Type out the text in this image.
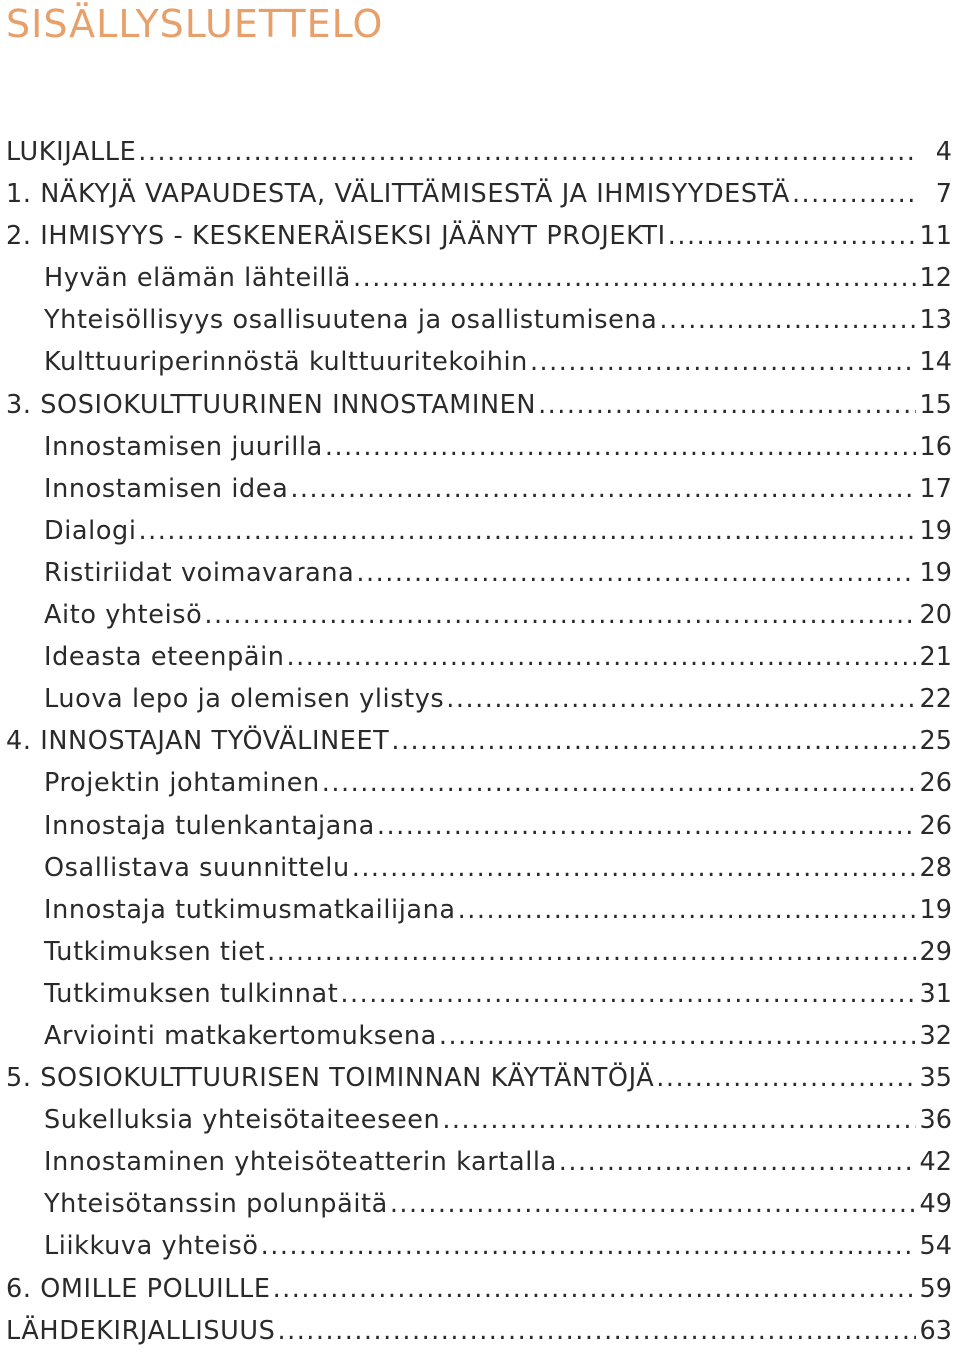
SISÄLLYSLUETTELO
LUKIJALLE .....	4
1. NÄKYJÄ VAPAUDESTA, VÄLITTÄMISESTÄ JA IHMISYYDESTÄ .....	7
2. IHMISYYS - KESKENERÄISEKSI JÄÄNYT PROJEKTI .....	11
Hyvän elämän lähteillä .....	12
Yhteisöllisyys osallisuutena ja osallistumisena .....	13
Kulttuuriperinnöstä kulttuuritekoihin .....	14
3. SOSIOKULTTUURINEN INNOSTAMINEN .....	15
Innostamisen juurilla .....	16
Innostamisen idea .....	17
Dialogi .....	19
Ristiriidat voimavarana .....	19
Aito yhteisö .....	20
Ideasta eteenpäin .....	21
Luova lepo ja olemisen ylistys .....	22
4. INNOSTAJAN TYÖVÄLINEET .....	25
Projektin johtaminen .....	26
Innostaja tulenkantajana .....	26
Osallistava suunnittelu .....	28
Innostaja tutkimusmatkailijana .....	19
Tutkimuksen tiet .....	29
Tutkimuksen tulkinnat .....	31
Arviointi matkakertomuksena .....	32
5. SOSIOKULTTUURISEN TOIMINNAN KÄYTÄNTÖJÄ .....	35
Sukelluksia yhteisötaiteeseen .....	36
Innostaminen yhteisöteatterin kartalla .....	42
Yhteisötanssin polunpäitä .....	49
Liikkuva yhteisö .....	54
6. OMILLE POLUILLE .....	59
LÄHDEKIRJALLISUUS .....	63
